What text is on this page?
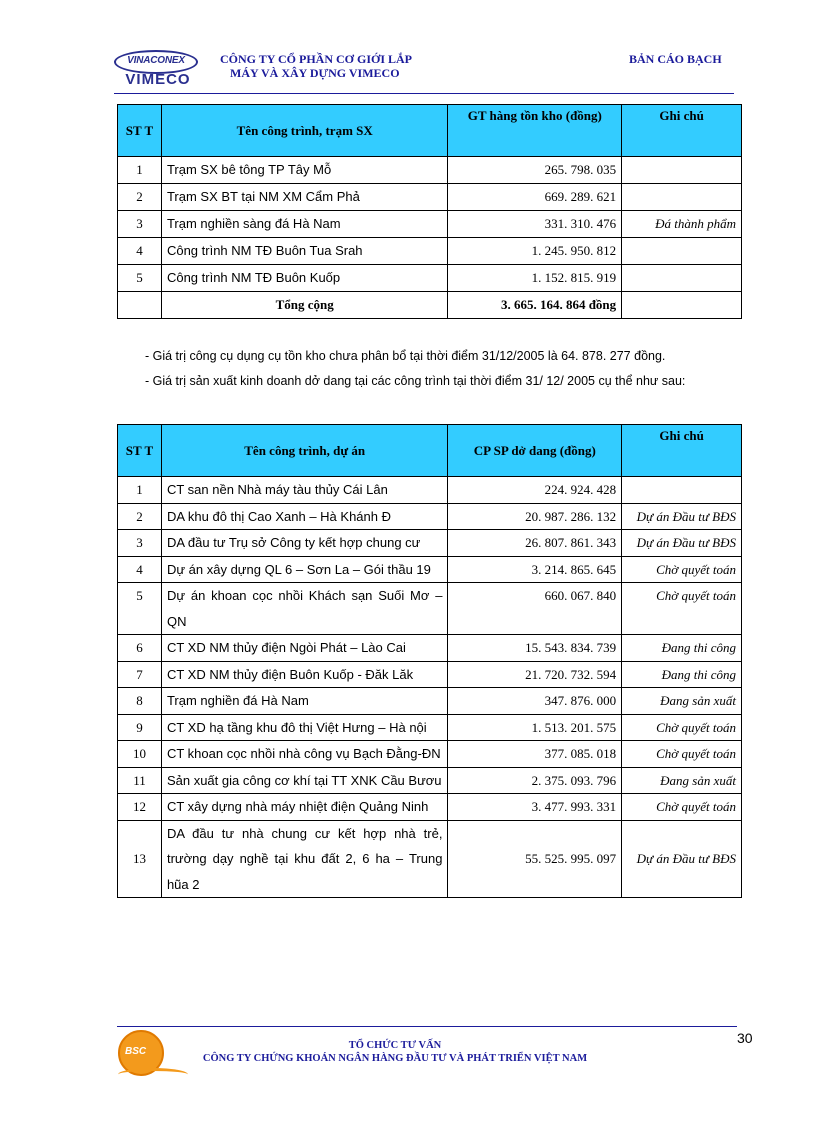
VINACONEX
VIMECO
CÔNG TY CỔ PHẦN CƠ GIỚI LẮP
MÁY VÀ XÂY DỰNG VIMECO
BẢN CÁO BẠCH
ST T	Tên công trình, trạm SX	GT hàng tồn kho (đồng)	Ghi chú
1	Trạm SX bê tông TP Tây Mỗ	265. 798. 035	
2	Trạm SX BT tại NM XM Cẩm Phả	669. 289. 621	
3	Trạm nghiền sàng đá Hà Nam	331. 310. 476	Đá thành phẩm
4	Công trình NM TĐ Buôn Tua Srah	1. 245. 950. 812	
5	Công trình NM TĐ Buôn Kuốp	1. 152. 815. 919	
	Tổng cộng	3. 665. 164. 864 đồng	
- Giá trị công cụ dụng cụ tồn kho chưa phân bổ tại thời điểm 31/12/2005 là 64. 878. 277 đồng.
- Giá trị sản xuất kinh doanh dở dang tại các công trình tại thời điểm 31/ 12/ 2005 cụ thể như sau:
ST T	Tên công trình, dự án	CP SP dở dang (đồng)	Ghi chú
1	CT san nền Nhà máy tàu thủy Cái Lân	224. 924. 428	
2	DA khu đô thị Cao Xanh – Hà Khánh Đ	20. 987. 286. 132	Dự án Đầu tư BĐS
3	DA đầu tư Trụ sở Công ty kết hợp chung cư	26. 807. 861. 343	Dự án Đầu tư BĐS
4	Dự án xây dựng QL 6 – Sơn La – Gói thầu 19	3. 214. 865. 645	Chờ quyết toán
5	Dự án khoan cọc nhồi Khách sạn Suối Mơ – QN	660. 067. 840	Chờ quyết toán
6	CT XD NM thủy điện Ngòi Phát – Lào Cai	15. 543. 834. 739	Đang thi công
7	CT XD NM thủy điện Buôn Kuốp - Đăk Lăk	21. 720. 732. 594	Đang thi công
8	Trạm nghiền đá Hà Nam	347. 876. 000	Đang sản xuất
9	CT XD hạ tầng khu đô thị Việt Hưng – Hà nội	1. 513. 201. 575	Chờ quyết toán
10	CT khoan cọc nhồi nhà công vụ Bạch Đằng-ĐN	377. 085. 018	Chờ quyết toán
11	Sản xuất gia công cơ khí tại TT XNK Cầu Bươu	2. 375. 093. 796	Đang sản xuất
12	CT xây dựng nhà máy nhiệt điện Quảng Ninh	3. 477. 993. 331	Chờ quyết toán
13	DA đầu tư nhà chung cư kết hợp nhà trẻ, trường dạy nghề tại khu đất 2, 6 ha – Trung hũa 2	55. 525. 995. 097	Dự án Đầu tư BĐS
30
BSC
TỔ CHỨC TƯ VẤN
CÔNG TY CHỨNG KHOÁN NGÂN HÀNG ĐẦU TƯ VÀ PHÁT TRIỂN VIỆT NAM
